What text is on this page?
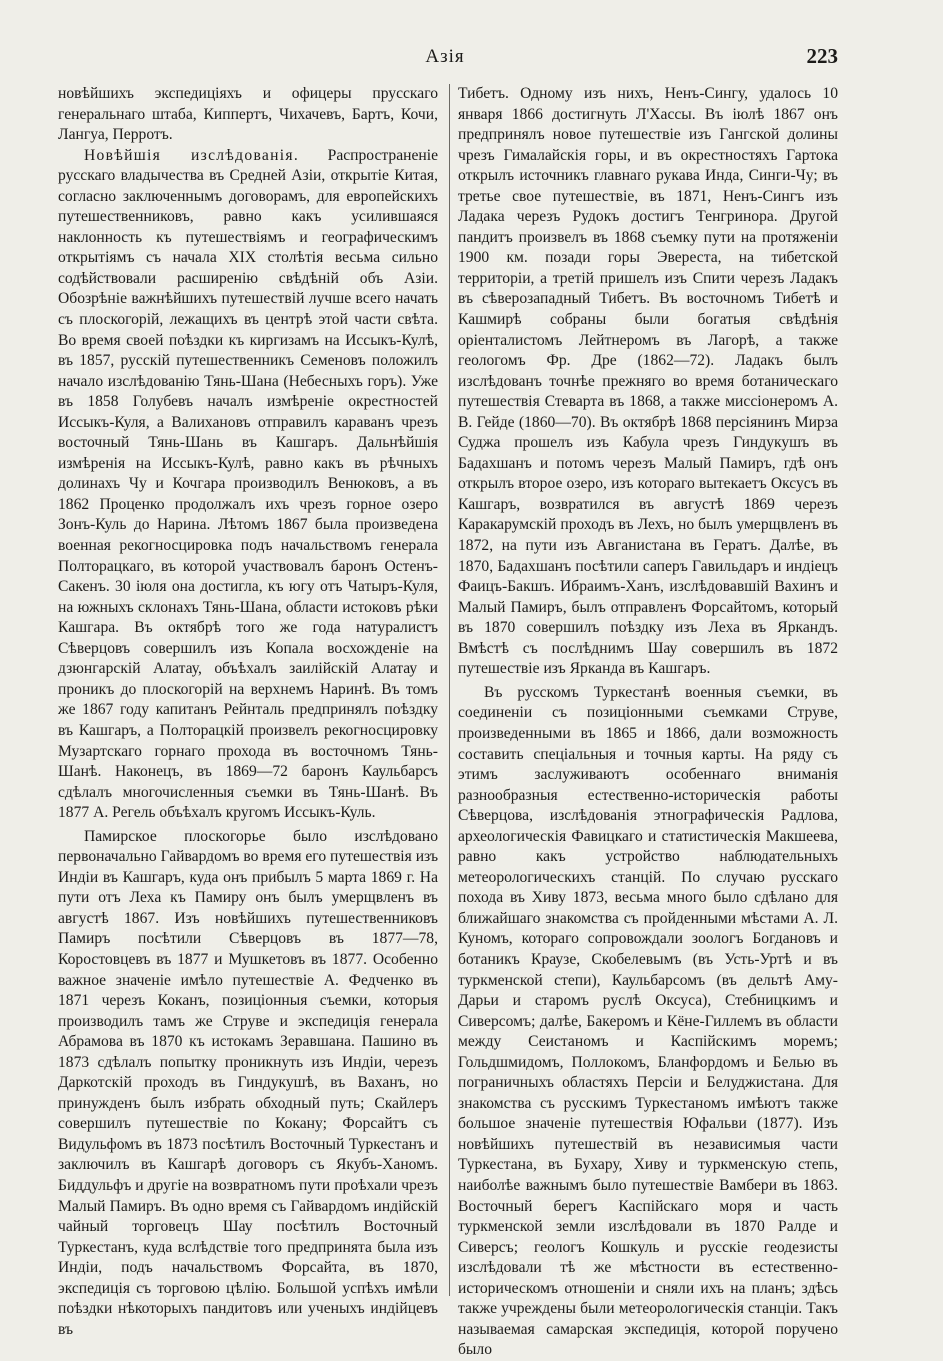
Азія	223

новѣйшихъ экспедиціяхъ и офицеры прусскаго генеральнаго штаба, Киппертъ, Чихачевъ, Бартъ, Кочи, Лангуа, Перротъ.

Новѣйшія изслѣдованія. Распространеніе русскаго владычества въ Средней Азіи, открытіе Китая, согласно заключеннымъ договорамъ, для европейскихъ путешественниковъ, равно какъ усилившаяся наклонность къ путешествіямъ и географическимъ открытіямъ съ начала XIX столѣтія весьма сильно содѣйствовали расширенію свѣдѣній объ Азіи. Обозрѣніе важнѣйшихъ путешествій лучше всего начать съ плоскогорій, лежащихъ въ центрѣ этой части свѣта. Во время своей поѣздки къ киргизамъ на Иссыкъ-Кулѣ, въ 1857, русскій путешественникъ Семеновъ положилъ начало изслѣдованію Тянь-Шана (Небесныхъ горъ). Уже въ 1858 Голубевъ началъ измѣреніе окрестностей Иссыкъ-Куля, а Валихановъ отправилъ караванъ чрезъ восточный Тянь-Шань въ Кашгаръ. Дальнѣйшія измѣренія на Иссыкъ-Кулѣ, равно какъ въ рѣчныхъ долинахъ Чу и Кочгара производилъ Венюковъ, а въ 1862 Проценко продолжалъ ихъ чрезъ горное озеро Зонъ-Куль до Нарина. Лѣтомъ 1867 была произведена военная рекогносцировка подъ начальствомъ генерала Полторацкаго, въ которой участвовалъ баронъ Остенъ-Сакенъ. 30 іюля она достигла, къ югу отъ Чатыръ-Куля, на южныхъ склонахъ Тянь-Шана, области истоковъ рѣки Кашгара. Въ октябрѣ того же года натуралистъ Сѣверцовъ совершилъ изъ Копала восхожденіе на дзюнгарскій Алатау, объѣхалъ заилійскій Алатау и проникъ до плоскогорій на верхнемъ Наринѣ. Въ томъ же 1867 году капитанъ Рейнталь предпринялъ поѣздку въ Кашгаръ, а Полторацкій произвелъ рекогносцировку Музартскаго горнаго прохода въ восточномъ Тянь-Шанѣ. Наконецъ, въ 1869—72 баронъ Каульбарсъ сдѣлалъ многочисленныя съемки въ Тянь-Шанѣ. Въ 1877 А. Регель объѣхалъ кругомъ Иссыкъ-Куль.

Памирское плоскогорье было изслѣдовано первоначально Гайвардомъ во время его путешествія изъ Индіи въ Кашгаръ, куда онъ прибылъ 5 марта 1869 г. На пути отъ Леха къ Памиру онъ былъ умерщвленъ въ августѣ 1867. Изъ новѣйшихъ путешественниковъ Памиръ посѣтили Сѣверцовъ въ 1877—78, Коростовцевъ въ 1877 и Мушкетовъ въ 1877. Особенно важное значеніе имѣло путешествіе А. Федченко въ 1871 черезъ Коканъ, позиціонныя съемки, которыя производилъ тамъ же Струве и экспедиція генерала Абрамова въ 1870 къ истокамъ Зеравшана. Пашино въ 1873 сдѣлалъ попытку проникнуть изъ Индіи, черезъ Даркотскій проходъ въ Гиндукушѣ, въ Ваханъ, но принужденъ былъ избрать обходный путь; Скайлеръ совершилъ путешествіе по Кокану; Форсайтъ съ Видульфомъ въ 1873 посѣтилъ Восточный Туркестанъ и заключилъ въ Кашгарѣ договоръ съ Якубъ-Ханомъ. Биддульфъ и другіе на возвратномъ пути проѣхали чрезъ Малый Памиръ. Въ одно время съ Гайвардомъ индійскій чайный торговецъ Шау посѣтилъ Восточный Туркестанъ, куда вслѣдствіе того предпринята была изъ Индіи, подъ начальствомъ Форсайта, въ 1870, экспедиція съ торговою цѣлію. Большой успѣхъ имѣли поѣздки нѣкоторыхъ пандитовъ или ученыхъ индійцевъ въ

Тибетъ. Одному изъ нихъ, Ненъ-Сингу, удалось 10 января 1866 достигнуть Л'Хассы. Въ іюлѣ 1867 онъ предпринялъ новое путешествіе изъ Гангской долины чрезъ Гималайскія горы, и въ окрестностяхъ Гартока открылъ источникъ главнаго рукава Инда, Синги-Чу; въ третье свое путешествіе, въ 1871, Ненъ-Сингъ изъ Ладака черезъ Рудокъ достигъ Тенгринора. Другой пандитъ произвелъ въ 1868 съемку пути на протяженіи 1900 км. позади горы Эвереста, на тибетской территоріи, а третій пришелъ изъ Спити черезъ Ладакъ въ сѣверозападный Тибетъ. Въ восточномъ Тибетѣ и Кашмирѣ собраны были богатыя свѣдѣнія оріенталистомъ Лейтнеромъ въ Лагорѣ, а также геологомъ Фр. Дре (1862—72). Ладакъ былъ изслѣдованъ точнѣе прежняго во время ботаническаго путешествія Стеварта въ 1868, а также миссіонеромъ А. В. Гейде (1860—70). Въ октябрѣ 1868 персіянинъ Мирза Суджа прошелъ изъ Кабула чрезъ Гиндукушъ въ Бадахшанъ и потомъ черезъ Малый Памиръ, гдѣ онъ открылъ второе озеро, изъ котораго вытекаетъ Оксусъ въ Кашгаръ, возвратился въ августѣ 1869 черезъ Каракарумскій проходъ въ Лехъ, но былъ умерщвленъ въ 1872, на пути изъ Авганистана въ Гератъ. Далѣе, въ 1870, Бадахшанъ посѣтили саперъ Гавильдаръ и индіецъ Фаицъ-Бакшъ. Ибраимъ-Ханъ, изслѣдовавшій Вахинъ и Малый Памиръ, былъ отправленъ Форсайтомъ, который въ 1870 совершилъ поѣздку изъ Леха въ Яркандъ. Вмѣстѣ съ послѣднимъ Шау совершилъ въ 1872 путешествіе изъ Яркандa въ Кашгаръ.

Въ русскомъ Туркестанѣ военныя съемки, въ соединеніи съ позиціонными съемками Струве, произведенными въ 1865 и 1866, дали возможность составить спеціальныя и точныя карты. На ряду съ этимъ заслуживаютъ особеннаго вниманія разнообразныя естественно-историческія работы Сѣверцова, изслѣдованія этнографическія Радлова, археологическія Фавицкаго и статистическія Макшеева, равно какъ устройство наблюдательныхъ метеорологическихъ станцій. По случаю русскаго похода въ Хиву 1873, весьма много было сдѣлано для ближайшаго знакомства съ пройденными мѣстами А. Л. Куномъ, котораго сопровождали зоологъ Богдановъ и ботаникъ Краузе, Скобелевымъ (въ Усть-Уртѣ и въ туркменской степи), Каульбарсомъ (въ дельтѣ Аму-Дарьи и старомъ руслѣ Оксуса), Стебницкимъ и Сиверсомъ; далѣе, Бакеромъ и Кёне-Гиллемъ въ области между Сеистаномъ и Каспійскимъ моремъ; Гольдшмидомъ, Поллокомъ, Бланфордомъ и Белью въ пограничныхъ областяхъ Персіи и Белуджистана. Для знакомства съ русскимъ Туркестаномъ имѣютъ также большое значеніе путешествія Юфальви (1877). Изъ новѣйшихъ путешествій въ независимыя части Туркестана, въ Бухару, Хиву и туркменскую степь, наиболѣе важнымъ было путешествіе Вамбери въ 1863. Восточный берегъ Каспійскаго моря и часть туркменской земли изслѣдовали въ 1870 Ралде и Сиверсъ; геологъ Кошкуль и русскіе геодезисты изслѣдовали тѣ же мѣстности въ естественно-историческомъ отношеніи и сняли ихъ на планъ; здѣсь также учреждены были метеорологическія станціи. Такъ называемая самарская экспедиція, которой поручено было
